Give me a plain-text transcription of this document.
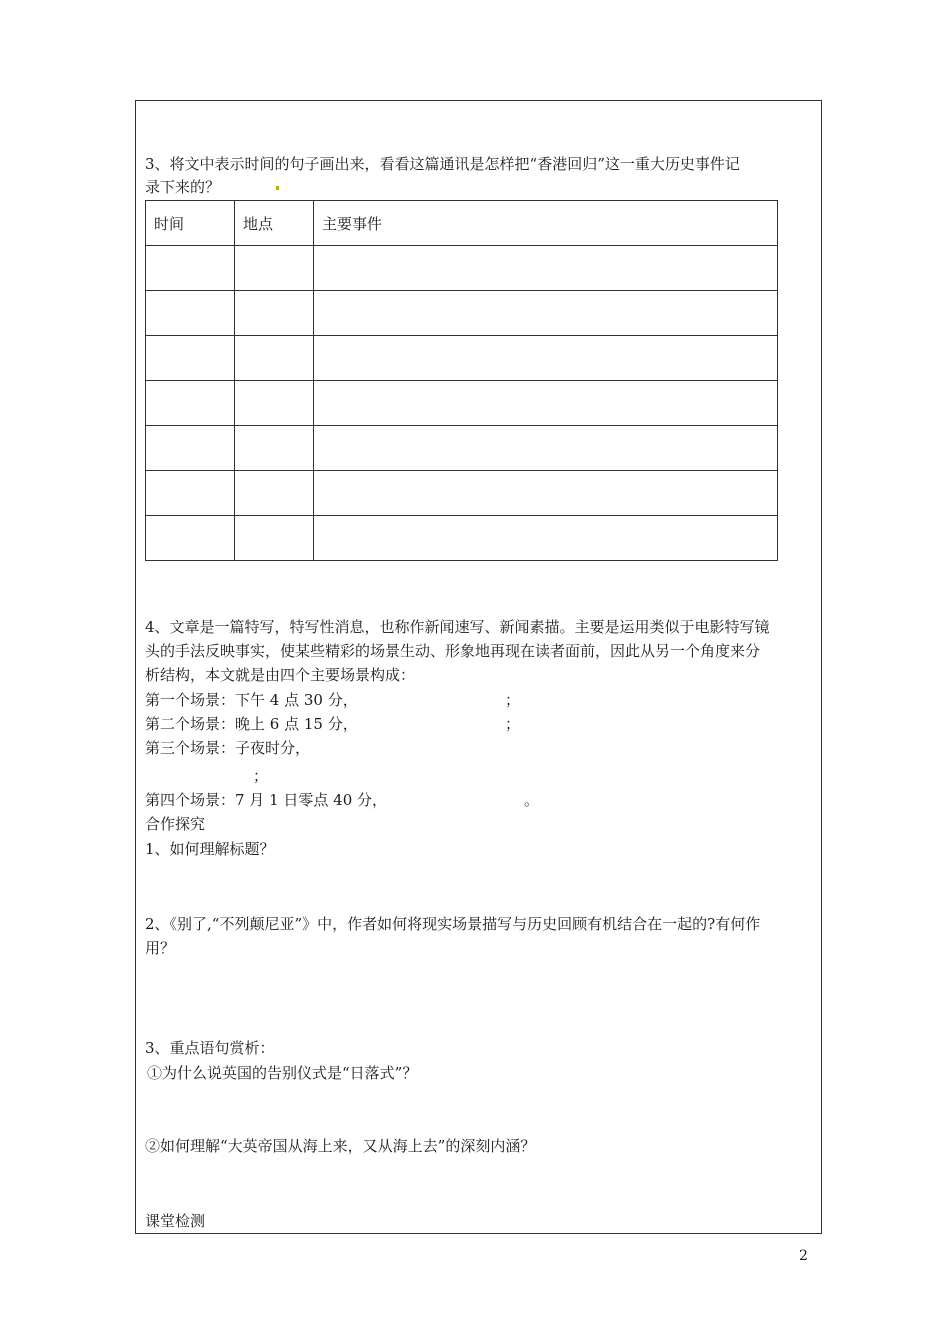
3、将文中表示时间的句子画出来，看看这篇通讯是怎样把“香港回归”这一重大历史事件记
录下来的？
时间	地点	主要事件

4、文章是一篇特写，特写性消息，也称作新闻速写、新闻素描。主要是运用类似于电影特写镜
头的手法反映事实，使某些精彩的场景生动、形象地再现在读者面前，因此从另一个角度来分
析结构，本文就是由四个主要场景构成：
第一个场景：下午 4 点 30 分，	；
第二个场景：晚上 6 点 15 分，	；
第三个场景：子夜时分，
；
第四个场景：7 月 1 日零点 40 分，	。
合作探究
1、如何理解标题？
2、《别了,“不列颠尼亚”》中，作者如何将现实场景描写与历史回顾有机结合在一起的?有何作
用？
3、重点语句赏析：
①为什么说英国的告别仪式是“日落式”？
②如何理解“大英帝国从海上来，又从海上去”的深刻内涵？
课堂检测
2
